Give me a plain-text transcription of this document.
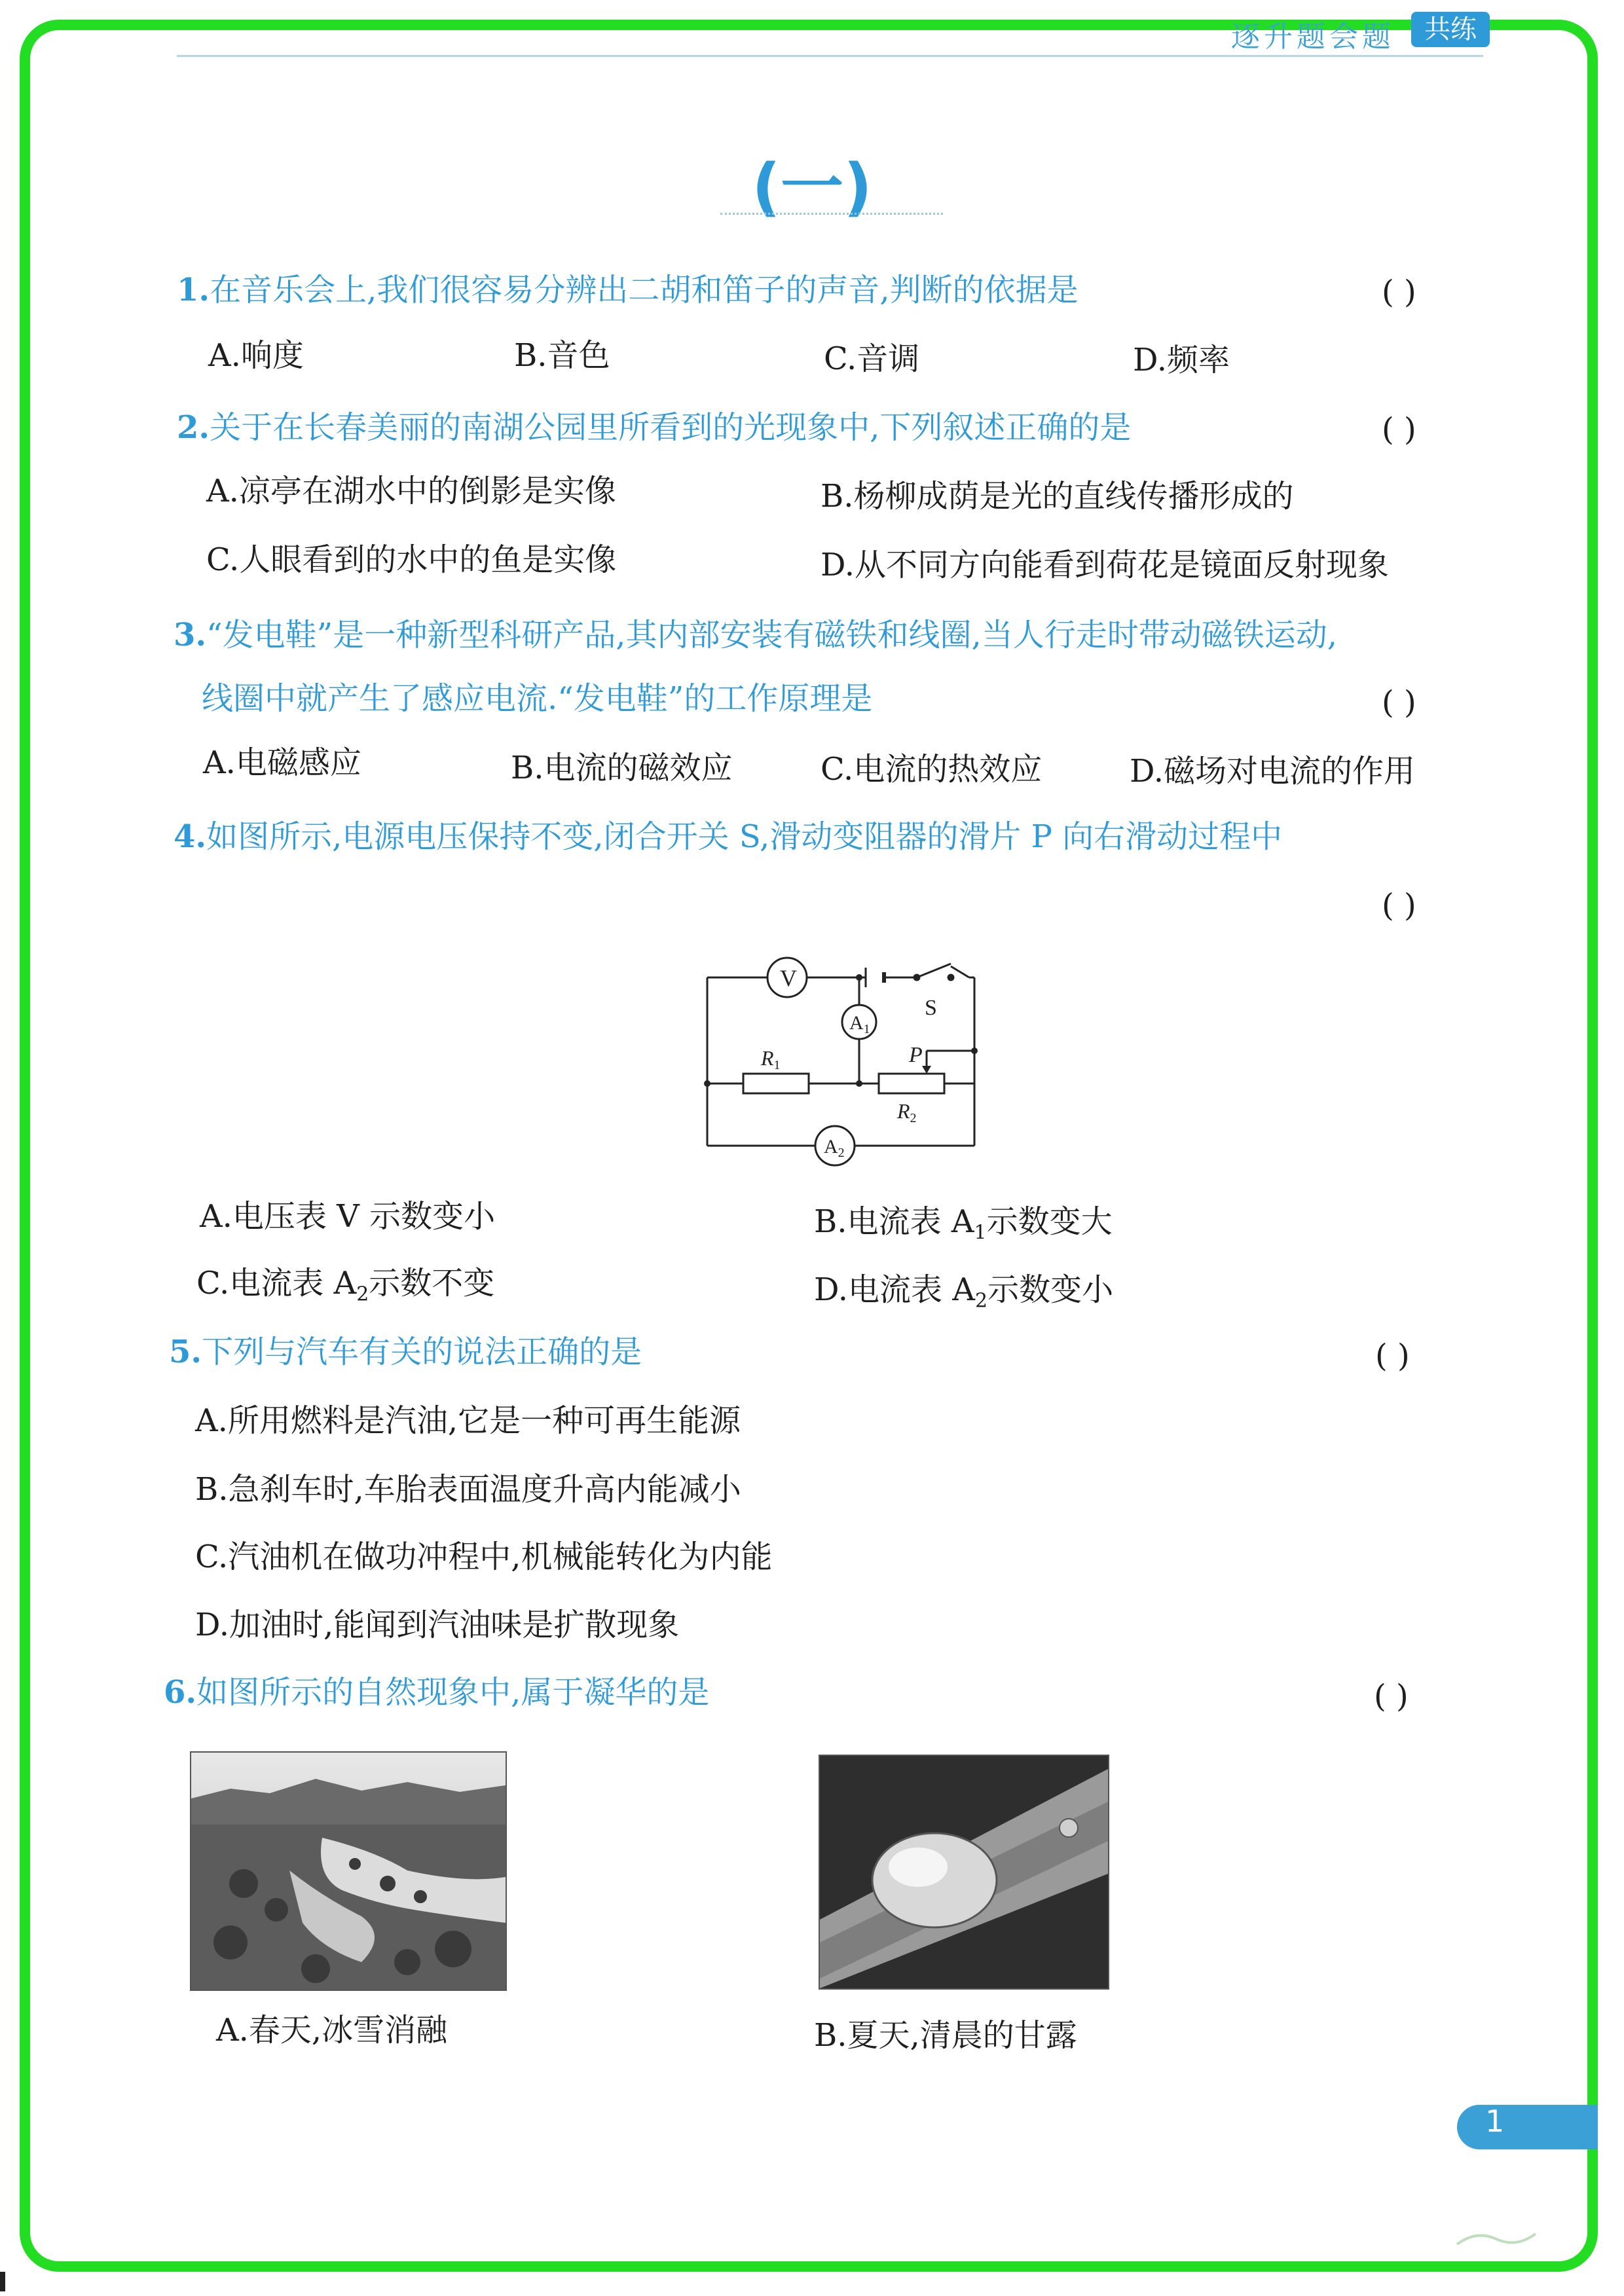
逐升题会题	共练
(一)
1.在音乐会上,我们很容易分辨出二胡和笛子的声音,判断的依据是	( )
A.响度	B.音色	C.音调	D.频率
2.关于在长春美丽的南湖公园里所看到的光现象中,下列叙述正确的是	( )
A.凉亭在湖水中的倒影是实像	B.杨柳成荫是光的直线传播形成的
C.人眼看到的水中的鱼是实像	D.从不同方向能看到荷花是镜面反射现象
3.“发电鞋”是一种新型科研产品,其内部安装有磁铁和线圈,当人行走时带动磁铁运动,
线圈中就产生了感应电流.“发电鞋”的工作原理是	( )
A.电磁感应	B.电流的磁效应	C.电流的热效应	D.磁场对电流的作用
4.如图所示,电源电压保持不变,闭合开关 S,滑动变阻器的滑片 P 向右滑动过程中
( )
V
$A_1$
$A_2$
S
R1
R2
P
A.电压表 V 示数变小	B.电流表 $A_1$示数变大
C.电流表 $A_2$示数不变	D.电流表 $A_2$示数变小
5.下列与汽车有关的说法正确的是	( )
A.所用燃料是汽油,它是一种可再生能源
B.急刹车时,车胎表面温度升高内能减小
C.汽油机在做功冲程中,机械能转化为内能
D.加油时,能闻到汽油味是扩散现象
6.如图所示的自然现象中,属于凝华的是	( )
A.春天,冰雪消融	B.夏天,清晨的甘露
1
